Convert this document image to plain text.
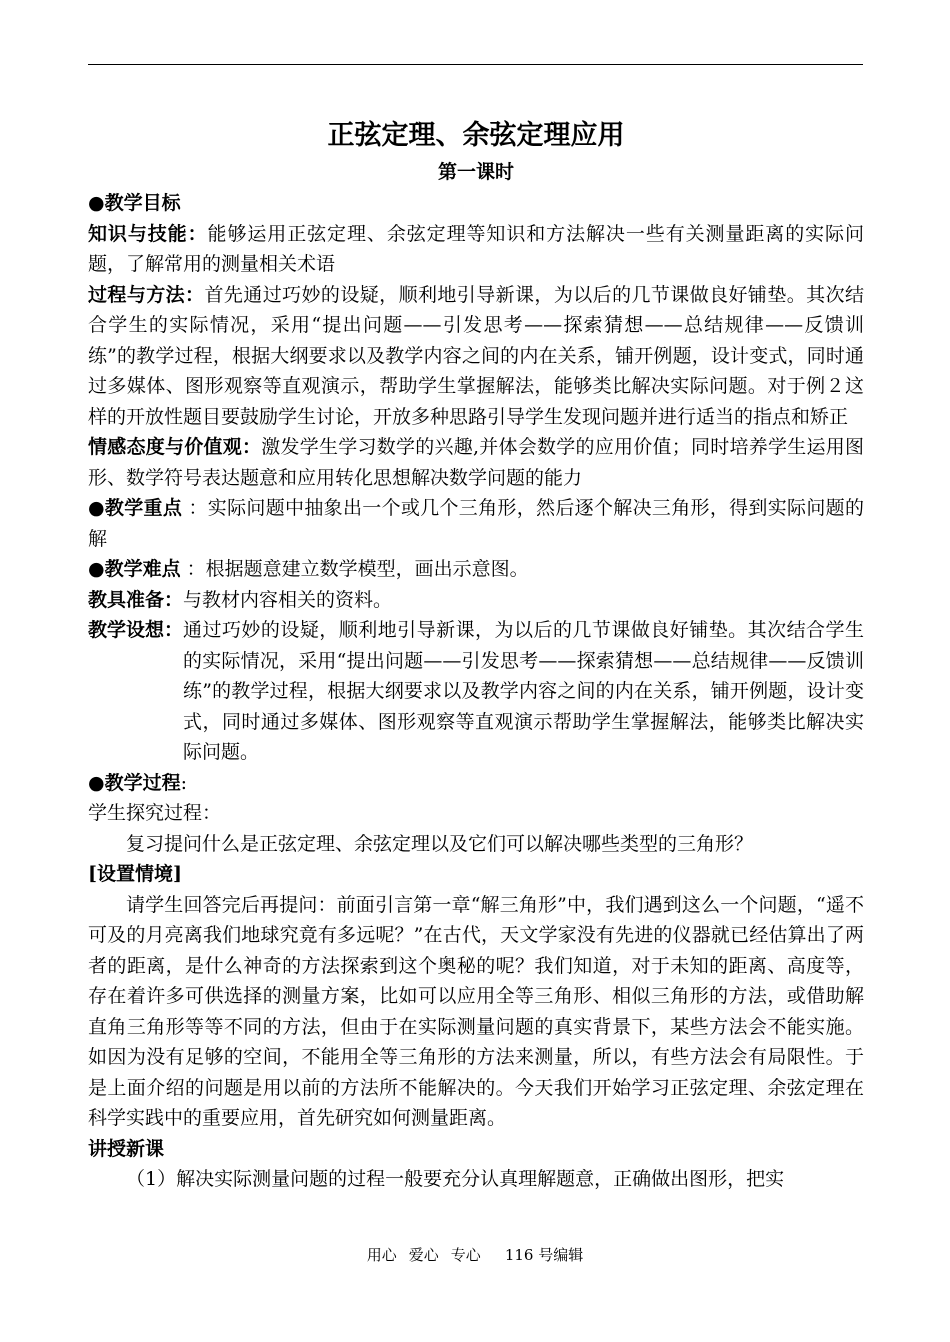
正弦定理、余弦定理应用

第一课时

●教学目标

知识与技能：能够运用正弦定理、余弦定理等知识和方法解决一些有关测量距离的实际问题，了解常用的测量相关术语

过程与方法：首先通过巧妙的设疑，顺利地引导新课，为以后的几节课做良好铺垫。其次结合学生的实际情况，采用“提出问题——引发思考——探索猜想——总结规律——反馈训练”的教学过程，根据大纲要求以及教学内容之间的内在关系，铺开例题，设计变式，同时通过多媒体、图形观察等直观演示，帮助学生掌握解法，能够类比解决实际问题。对于例２这样的开放性题目要鼓励学生讨论，开放多种思路引导学生发现问题并进行适当的指点和矫正

情感态度与价值观：激发学生学习数学的兴趣,并体会数学的应用价值；同时培养学生运用图形、数学符号表达题意和应用转化思想解决数学问题的能力

●教学重点 ：实际问题中抽象出一个或几个三角形，然后逐个解决三角形，得到实际问题的解

●教学难点 ：根据题意建立数学模型，画出示意图。

教具准备：与教材内容相关的资料。

教学设想： 通过巧妙的设疑，顺利地引导新课，为以后的几节课做良好铺垫。其次结合学生的实际情况，采用“提出问题——引发思考——探索猜想——总结规律——反馈训练”的教学过程，根据大纲要求以及教学内容之间的内在关系，铺开例题，设计变式，同时通过多媒体、图形观察等直观演示帮助学生掌握解法，能够类比解决实际问题。

●教学过程:

学生探究过程：

复习提问什么是正弦定理、余弦定理以及它们可以解决哪些类型的三角形？

[设置情境]

请学生回答完后再提问：前面引言第一章“解三角形”中，我们遇到这么一个问题，“遥不可及的月亮离我们地球究竟有多远呢？”在古代，天文学家没有先进的仪器就已经估算出了两者的距离，是什么神奇的方法探索到这个奥秘的呢？我们知道，对于未知的距离、高度等，存在着许多可供选择的测量方案，比如可以应用全等三角形、相似三角形的方法，或借助解直角三角形等等不同的方法，但由于在实际测量问题的真实背景下，某些方法会不能实施。如因为没有足够的空间，不能用全等三角形的方法来测量，所以，有些方法会有局限性。于是上面介绍的问题是用以前的方法所不能解决的。今天我们开始学习正弦定理、余弦定理在科学实践中的重要应用，首先研究如何测量距离。

讲授新课

（1）解决实际测量问题的过程一般要充分认真理解题意，正确做出图形，把实

用心 爱心 专心 116 号编辑
